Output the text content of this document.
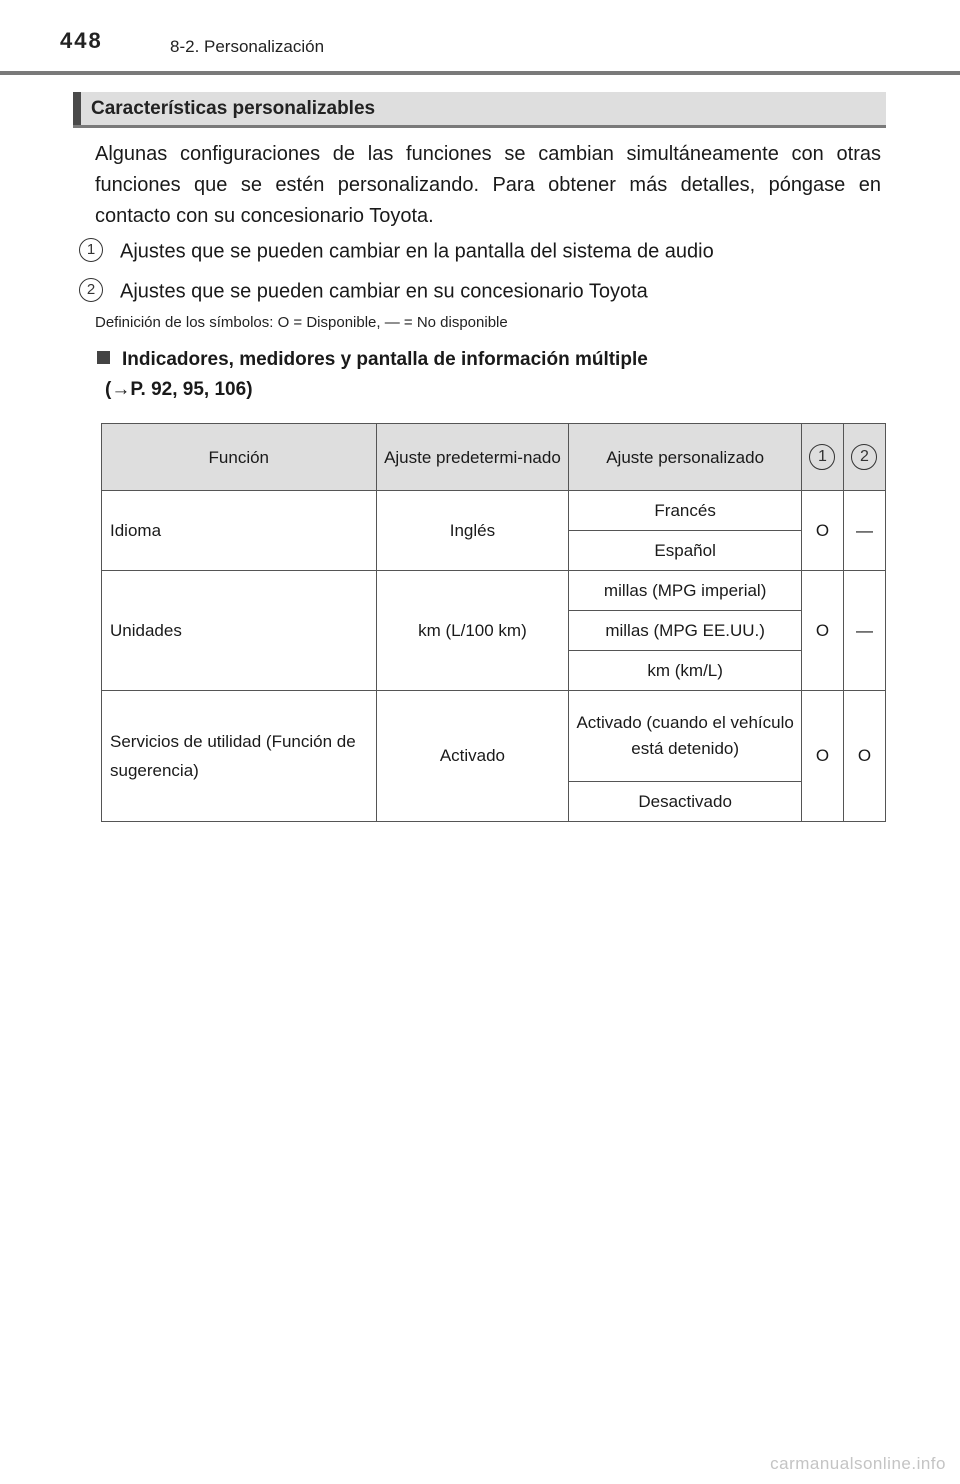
448	8-2. Personalización
Características personalizables

Algunas configuraciones de las funciones se cambian simultáneamente con otras funciones que se estén personalizando. Para obtener más detalles, póngase en contacto con su concesionario Toyota.

1 Ajustes que se pueden cambiar en la pantalla del sistema de audio
2 Ajustes que se pueden cambiar en su concesionario Toyota

Definición de los símbolos: O = Disponible, — = No disponible

Indicadores, medidores y pantalla de información múltiple
(→P. 92, 95, 106)
Función	Ajuste predetermi-nado	Ajuste personalizado	1	2
Idioma	Inglés	Francés	O	—
		Español		
Unidades	km (L/100 km)	millas (MPG imperial)	O	—
		millas (MPG EE.UU.)		
		km (km/L)		
Servicios de utilidad (Función de sugerencia)	Activado	Activado (cuando el vehículo está detenido)	O	O
		Desactivado		
carmanualsonline.info
